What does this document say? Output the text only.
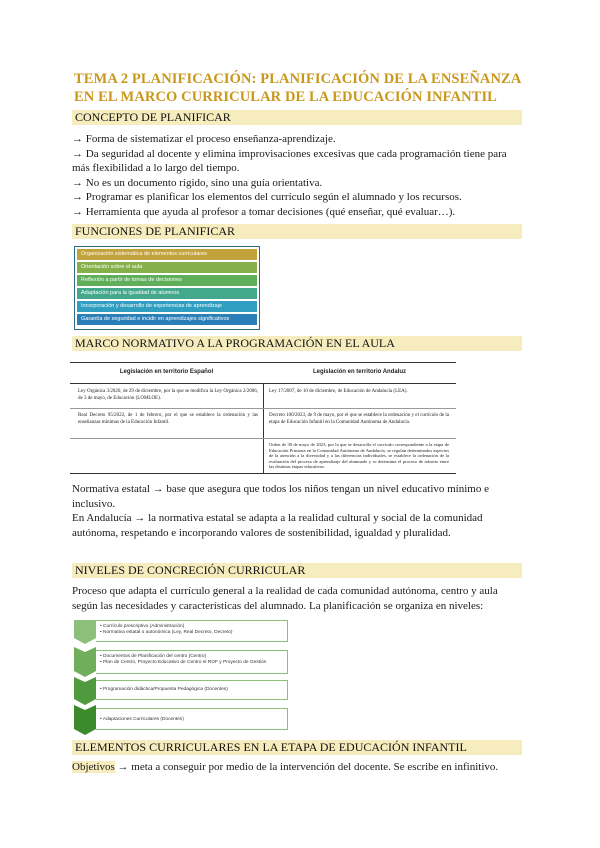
TEMA 2 PLANIFICACIÓN: PLANIFICACIÓN DE LA ENSEÑANZA EN EL MARCO CURRICULAR DE LA EDUCACIÓN INFANTIL
CONCEPTO DE PLANIFICAR

→ Forma de sistematizar el proceso enseñanza-aprendizaje.

→ Da seguridad al docente y elimina improvisaciones excesivas que cada programación tiene para más flexibilidad a lo largo del tiempo.

→ No es un documento rígido, sino una guía orientativa.

→ Programar es planificar los elementos del currículo según el alumnado y los recursos.

→ Herramienta que ayuda al profesor a tomar decisiones (qué enseñar, qué evaluar…).

FUNCIONES DE PLANIFICAR
Organización sistemática de elementos curriculares
Orientación sobre el aula
Reflexión a partir de tomas de decisiones
Adaptación para la igualdad de alumnos
Incorporación y desarrollo de experiencias de aprendizaje
Garantía de seguridad e incidir en aprendizajes significativos
MARCO NORMATIVO A LA PROGRAMACIÓN EN EL AULA
Legislación en territorio Español	Legislación en territorio Andaluz
Ley Orgánica 3/2020, de 29 de diciembre, por la que se modifica la Ley Orgánica 2/2006, de 3 de mayo, de Educación (LOMLOE).
Ley 17/2007, de 10 de diciembre, de Educación de Andalucía (LEA).
Real Decreto 95/2022, de 1 de febrero, por el que se establece la ordenación y las enseñanzas mínimas de la Educación Infantil.
Decreto 100/2023, de 9 de mayo, por el que se establece la ordenación y el currículo de la etapa de Educación Infantil en la Comunidad Autónoma de Andalucía.
Orden de 30 de mayo de 2023, por la que se desarrolla el currículo correspondiente a la etapa de Educación Primaria en la Comunidad Autónoma de Andalucía, se regulan determinados aspectos de la atención a la diversidad y a las diferencias individuales, se establece la ordenación de la evaluación del proceso de aprendizaje del alumnado y se determina el proceso de tránsito entre las distintas etapas educativas.

Normativa estatal → base que asegura que todos los niños tengan un nivel educativo mínimo e inclusivo.

En Andalucía → la normativa estatal se adapta a la realidad cultural y social de la comunidad autónoma, respetando e incorporando valores de sostenibilidad, igualdad y pluralidad.

NIVELES DE CONCRECIÓN CURRICULAR
Proceso que adapta el currículo general a la realidad de cada comunidad autónoma, centro y aula según las necesidades y características del alumnado. La planificación se organiza en niveles:
• Currículo prescriptivo (Administración)
• Normativa estatal o autonómica (Ley, Real Decreto, Decreto)
• Documentos de Planificación del centro (Centro)
• Plan de Centro, Proyecto Educativo de Centro el ROF y Proyecto de Gestión
• Programación didáctica/Propuesta Pedagógica (Docentes)
• Adaptaciones Curriculares (Docentes)
ELEMENTOS CURRICULARES EN LA ETAPA DE EDUCACIÓN INFANTIL
Objetivos → meta a conseguir por medio de la intervención del docente. Se escribe en infinitivo.
